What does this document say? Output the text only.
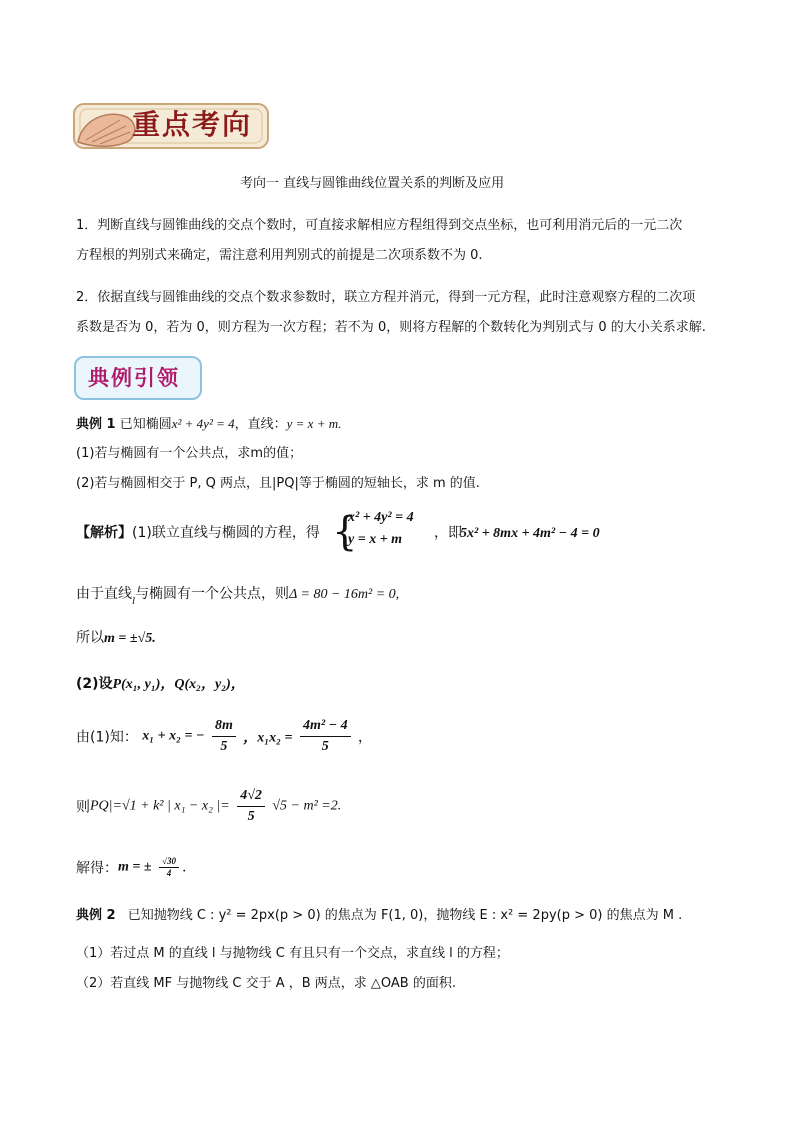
重点考向
考向一 直线与圆锥曲线位置关系的判断及应用
1．判断直线与圆锥曲线的交点个数时，可直接求解相应方程组得到交点坐标，也可利用消元后的一元二次
方程根的判别式来确定，需注意利用判别式的前提是二次项系数不为 0.
2．依据直线与圆锥曲线的交点个数求参数时，联立方程并消元，得到一元方程，此时注意观察方程的二次项
系数是否为 0，若为 0，则方程为一次方程；若不为 0，则将方程解的个数转化为判别式与 0 的大小关系求解.
典例引领
典例 1 已知椭圆x² + 4y² = 4，直线：y = x + m.
(1)若与椭圆有一个公共点，求m的值；
(2)若与椭圆相交于 P, Q 两点，且|PQ|等于椭圆的短轴长，求 m 的值.
【解析】 (1)联立直线与椭圆的方程，得 {
x² + 4y² = 4
y = x + m ，即
5x² + 8mx + 4m² − 4 = 0
由于直线$_l$与椭圆有一个公共点，则Δ = 80 − 16m² = 0,
所以m = ±√5.
(2)设P(x₁, y₁)，Q(x₂，y₂)，
由(1)知： x₁ + x₂ = − $\frac{8m}{5}$ ，$x_1x_2 = \frac{\text{4m² − 4}}{5}$ ，
则PQ|=√1 + k² | x₁ − x₂ |= $\frac{4√2}{5} √5 - m^2 =2$.
解得：m = ± $\frac{√30}{4}$ .
典例 2 已知抛物线 C : y² = 2px(p > 0) 的焦点为 F(1, 0)，抛物线 E : x² = 2py(p > 0) 的焦点为 M .
（1）若过点 M 的直线 l 与抛物线 C 有且只有一个交点，求直线 l 的方程；
（2）若直线 MF 与抛物线 C 交于 A ，B 两点，求 △OAB 的面积.
